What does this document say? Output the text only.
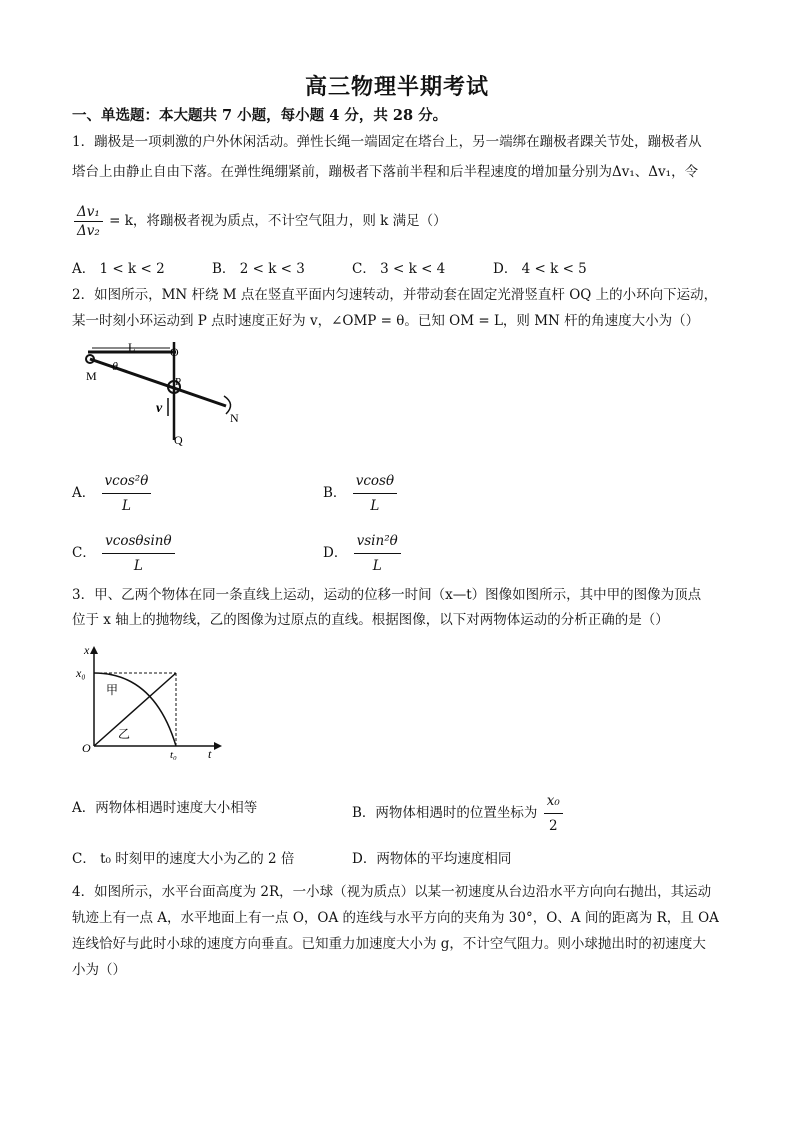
高三物理半期考试
一、单选题：本大题共 7 小题，每小题 4 分，共 28 分。
1．蹦极是一项刺激的户外休闲活动。弹性长绳一端固定在塔台上，另一端绑在蹦极者踝关节处，蹦极者从
塔台上由静止自由下落。在弹性绳绷紧前，蹦极者下落前半程和后半程速度的增加量分别为Δv₁、Δv₁，令
$\frac{\text{Δv₁}}{\text{Δv₂}} = k$，将蹦极者视为质点，不计空气阻力，则 k 满足（）
A． 1 < k < 2	B． 2 < k < 3	C． 3 < k < 4	D． 4 < k < 5
2．如图所示，MN 杆绕 M 点在竖直平面内匀速转动，并带动套在固定光滑竖直杆 OQ 上的小环向下运动，
某一时刻小环运动到 P 点时速度正好为 v，∠OMP = θ。已知 OM = L，则 MN 杆的角速度大小为（）
L	O
M
θ
P
v
N
Q
A． $\frac{\text{vcos²θ}}{L}$	B． $\frac{vcos\theta}{L}$
C． $\frac{vcos\theta\sin\theta}{L}$	D． $\frac{\text{vsin²θ}}{L}$
3．甲、乙两个物体在同一条直线上运动，运动的位移一时间（x—t）图像如图所示，其中甲的图像为顶点
位于 x 轴上的抛物线，乙的图像为过原点的直线。根据图像，以下对两物体运动的分析正确的是（）
x
x₀
甲
乙
O	t₀	t
A．两物体相遇时速度大小相等	B．两物体相遇时的位置坐标为 $\frac{\text{x₀}}{2}$
C． t₀ 时刻甲的速度大小为乙的 2 倍	D．两物体的平均速度相同
4．如图所示，水平台面高度为 2R，一小球（视为质点）以某一初速度从台边沿水平方向向右抛出，其运动
轨迹上有一点 A，水平地面上有一点 O，OA 的连线与水平方向的夹角为 30°，O、A 间的距离为 R，且 OA
连线恰好与此时小球的速度方向垂直。已知重力加速度大小为 g，不计空气阻力。则小球抛出时的初速度大
小为（）
